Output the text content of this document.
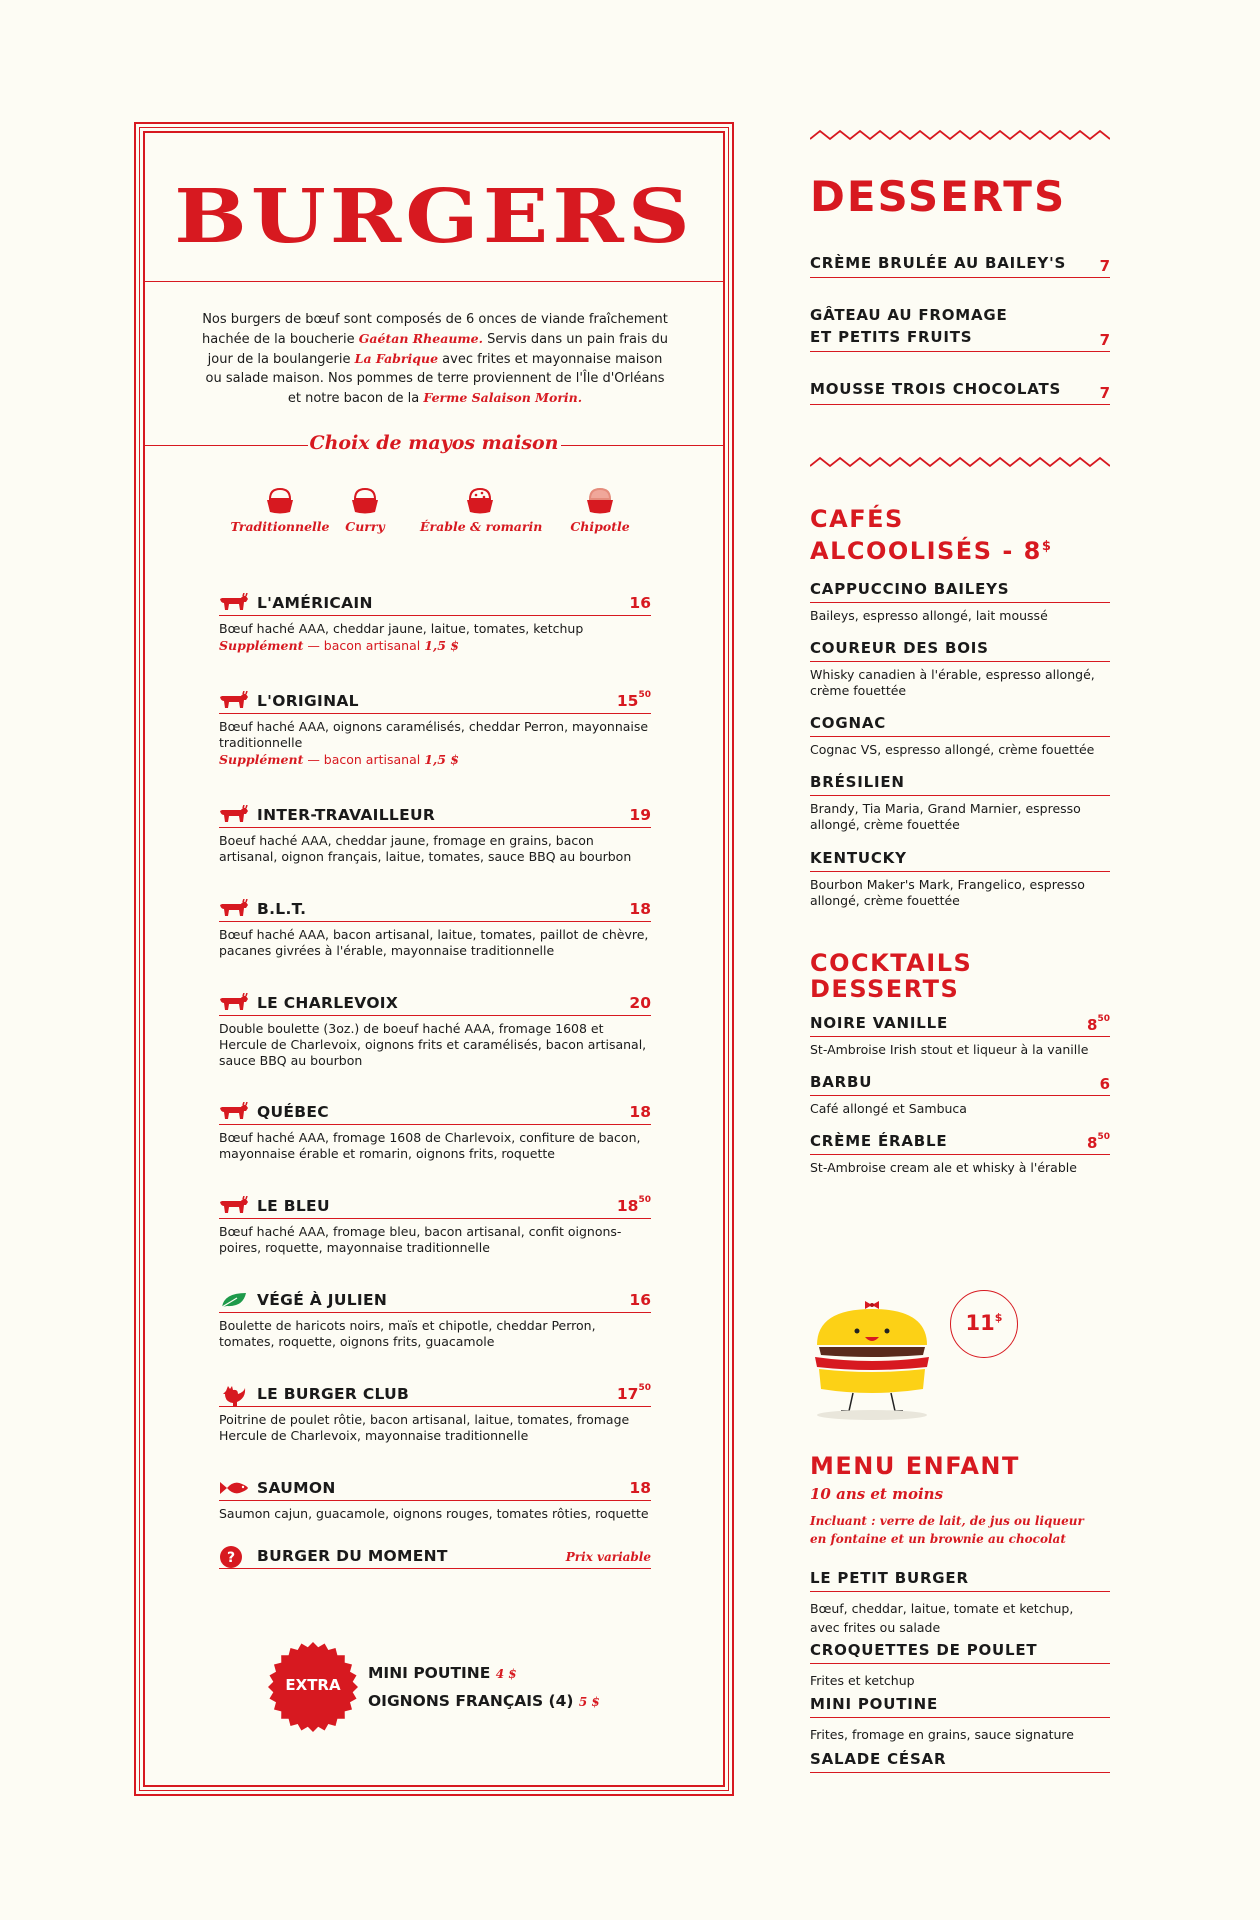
BURGERS
Nos burgers de bœuf sont composés de 6 onces de viande fraîchement hachée de la boucherie Gaétan Rheaume. Servis dans un pain frais du jour de la boulangerie La Fabrique avec frites et mayonnaise maison ou salade maison. Nos pommes de terre proviennent de l'Île d'Orléans et notre bacon de la Ferme Salaison Morin.
Choix de mayos maison
Traditionnelle	Curry	Érable & romarin	Chipotle
L'AMÉRICAIN	16
Bœuf haché AAA, cheddar jaune, laitue, tomates, ketchup
Supplément — bacon artisanal 1,5 $
L'ORIGINAL	$15^{50}$
Bœuf haché AAA, oignons caramélisés, cheddar Perron, mayonnaise traditionnelle
Supplément — bacon artisanal 1,5 $
INTER-TRAVAILLEUR	19
Boeuf haché AAA, cheddar jaune, fromage en grains, bacon artisanal, oignon français, laitue, tomates, sauce BBQ au bourbon
B.L.T.	18
Bœuf haché AAA, bacon artisanal, laitue, tomates, paillot de chèvre, pacanes givrées à l'érable, mayonnaise traditionnelle
LE CHARLEVOIX	20
Double boulette (3oz.) de boeuf haché AAA, fromage 1608 et Hercule de Charlevoix, oignons frits et caramélisés, bacon artisanal, sauce BBQ au bourbon
QUÉBEC	18
Bœuf haché AAA, fromage 1608 de Charlevoix, confiture de bacon, mayonnaise érable et romarin, oignons frits, roquette
LE BLEU	$18^{50}$
Bœuf haché AAA, fromage bleu, bacon artisanal, confit oignons-poires, roquette, mayonnaise traditionnelle
VÉGÉ À JULIEN	16
Boulette de haricots noirs, maïs et chipotle, cheddar Perron, tomates, roquette, oignons frits, guacamole
LE BURGER CLUB	$17^{50}$
Poitrine de poulet rôtie, bacon artisanal, laitue, tomates, fromage Hercule de Charlevoix, mayonnaise traditionnelle
SAUMON	18
Saumon cajun, guacamole, oignons rouges, tomates rôties, roquette
? BURGER DU MOMENT	Prix variable
EXTRA
MINI POUTINE 4 $
OIGNONS FRANÇAIS (4) 5 $
DESSERTS
CRÈME BRULÉE AU BAILEY'S	7
GÂTEAU AU FROMAGE
ET PETITS FRUITS	7
MOUSSE TROIS CHOCOLATS	7
CAFÉS
ALCOOLISÉS - 8$
CAPPUCCINO BAILEYS
Baileys, espresso allongé, lait moussé
COUREUR DES BOIS
Whisky canadien à l'érable, espresso allongé, crème fouettée
COGNAC
Cognac VS, espresso allongé, crème fouettée
BRÉSILIEN
Brandy, Tia Maria, Grand Marnier, espresso allongé, crème fouettée
KENTUCKY
Bourbon Maker's Mark, Frangelico, espresso allongé, crème fouettée
COCKTAILS
DESSERTS
NOIRE VANILLE	$8^{50}$
St-Ambroise Irish stout et liqueur à la vanille
BARBU	6
Café allongé et Sambuca
CRÈME ÉRABLE	$8^{50}$
St-Ambroise cream ale et whisky à l'érable
11$
MENU ENFANT
10 ans et moins
Incluant : verre de lait, de jus ou liqueur
en fontaine et un brownie au chocolat
LE PETIT BURGER
Bœuf, cheddar, laitue, tomate et ketchup,
avec frites ou salade
CROQUETTES DE POULET
Frites et ketchup
MINI POUTINE
Frites, fromage en grains, sauce signature
SALADE CÉSAR
